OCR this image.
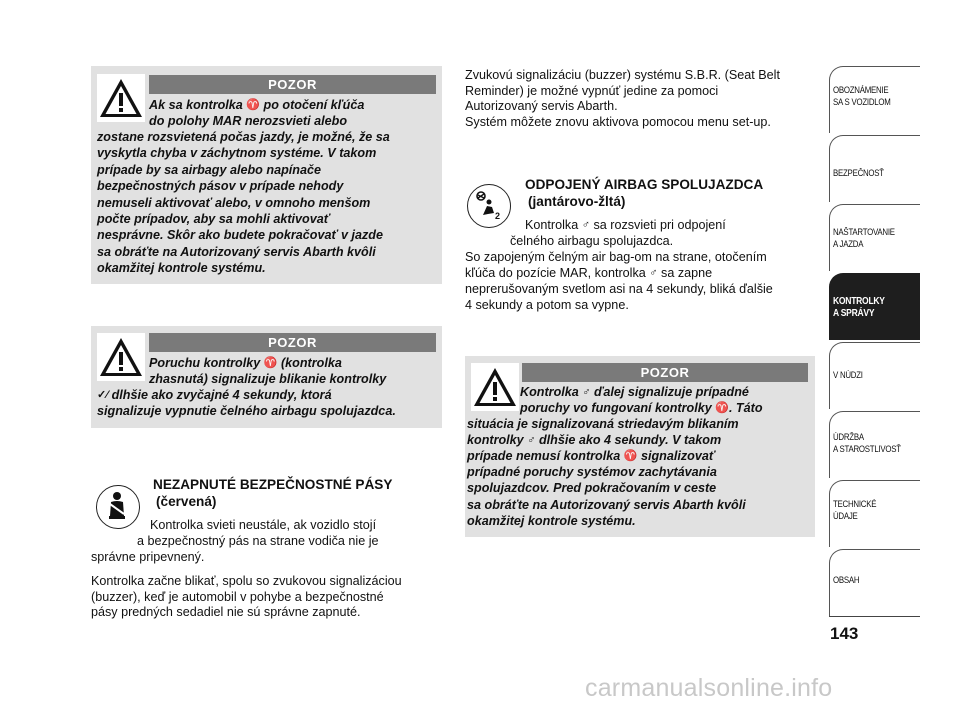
POZOR
Ak sa kontrolka ♈ po otočení kľúča
do polohy MAR nerozsvieti alebo
zostane rozsvietená počas jazdy, je možné, že sa
vyskytla chyba v záchytnom systéme. V takom
prípade by sa airbagy alebo napínače
bezpečnostných pásov v prípade nehody
nemuseli aktivovať alebo, v omnoho menšom
počte prípadov, aby sa mohli aktivovať
nesprávne. Skôr ako budete pokračovať v jazde
sa obráťte na Autorizovaný servis Abarth kvôli
okamžitej kontrole systému.
POZOR
Poruchu kontrolky ♈ (kontrolka
zhasnutá) signalizuje blikanie kontrolky
✓⁄ dlhšie ako zvyčajné 4 sekundy, ktorá
signalizuje vypnutie čelného airbagu spolujazdca.
NEZAPNUTÉ BEZPEČNOSTNÉ PÁSY
(červená)
Kontrolka svieti neustále, ak vozidlo stojí
a bezpečnostný pás na strane vodiča nie je
správne pripevnený.
Kontrolka začne blikať, spolu so zvukovou signalizáciou
(buzzer), keď je automobil v pohybe a bezpečnostné
pásy predných sedadiel nie sú správne zapnuté.
Zvukovú signalizáciu (buzzer) systému S.B.R. (Seat Belt
Reminder) je možné vypnúť jedine za pomoci
Autorizovaný servis Abarth.
Systém môžete znovu aktivova pomocou menu set-up.
2
ODPOJENÝ AIRBAG SPOLUJAZDCA
(jantárovo-žltá)
Kontrolka ♂ sa rozsvieti pri odpojení
čelného airbagu spolujazdca.
So zapojeným čelným air bag-om na strane, otočením
kľúča do pozície MAR, kontrolka ♂ sa zapne
neprerušovaným svetlom asi na 4 sekundy, bliká ďalšie
4 sekundy a potom sa vypne.
POZOR
Kontrolka ♂ ďalej signalizuje prípadné
poruchy vo fungovaní kontrolky ♈. Táto
situácia je signalizovaná striedavým blikaním
kontrolky ♂ dlhšie ako 4 sekundy. V takom
prípade nemusí kontrolka ♈ signalizovať
prípadné poruchy systémov zachytávania
spolujazdcov. Pred pokračovaním v ceste
sa obráťte na Autorizovaný servis Abarth kvôli
okamžitej kontrole systému.
OBOZNÁMENIE
SA S VOZIDLOM
BEZPEČNOSŤ
NAŠTARTOVANIE
A JAZDA
KONTROLKY
A SPRÁVY
V NÚDZI
ÚDRŽBA
A STAROSTLIVOSŤ
TECHNICKÉ
ÚDAJE
OBSAH
143
carmanualsonline.info
